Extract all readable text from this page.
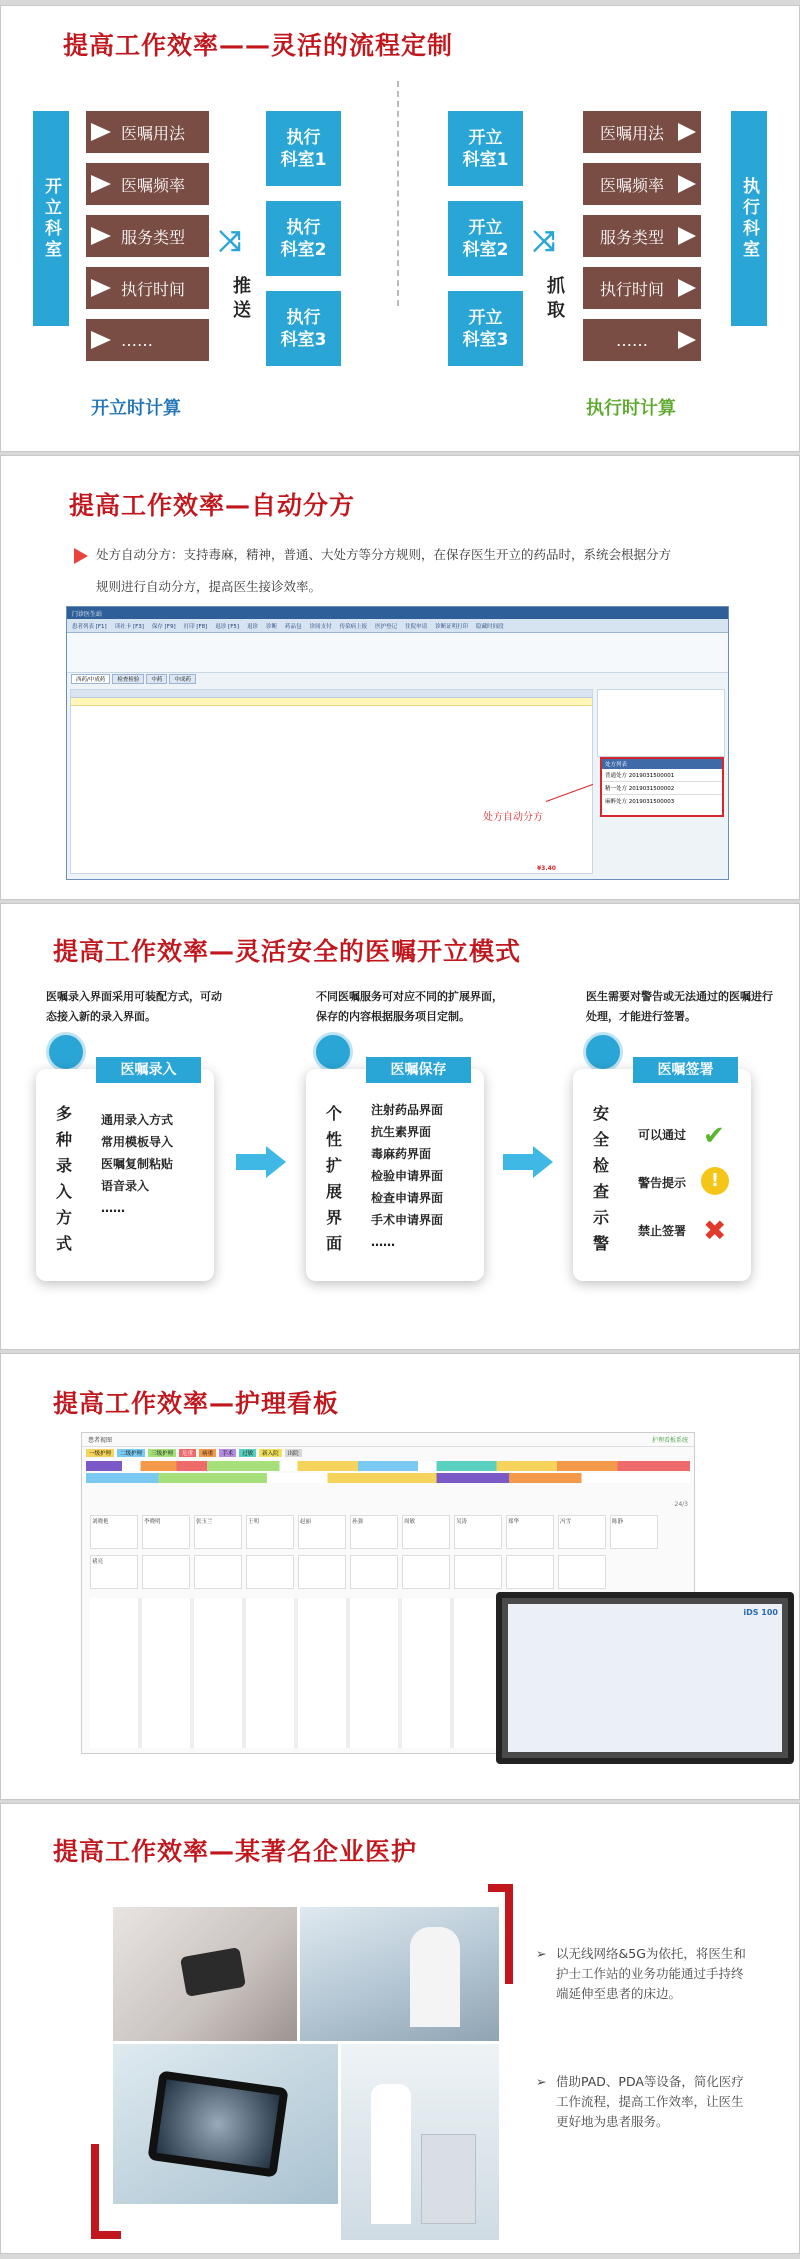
提高工作效率——灵活的流程定制
开立科室
医嘱用法
医嘱频率
服务类型
执行时间
……
⤨
推送
执行科室1
执行科室2
执行科室3
开立时计算
开立科室1
开立科室2
开立科室3
⤨
抓取
医嘱用法
医嘱频率
服务类型
执行时间
……
执行科室
执行时计算
提高工作效率—自动分方
处方自动分方：支持毒麻，精神，普通、大处方等分方规则，在保存医生开立的药品时，系统会根据分方
规则进行自动分方，提高医生接诊效率。
门诊医生站
患者列表 [F1] 读社卡 [F3] 保存 [F9] 打印 [F8] 退诊 [F5] 退诊 诊断 药品包 诊间支付 传染病上报 医护登记 住院申请 诊断证明打印 隐藏时间段
西药/中成药	检查检验	中药	中成药
处方列表
普通处方 2019031500001
精一处方 2019031500002
麻醉处方 2019031500003
¥3.40
处方自动分方
提高工作效率—灵活安全的医嘱开立模式
医嘱录入界面采用可装配方式，可动态接入新的录入界面。
不同医嘱服务可对应不同的扩展界面，保存的内容根据服务项目定制。
医生需要对警告或无法通过的医嘱进行处理，才能进行签署。
医嘱录入
多
种
录
入
方
式
通用录入方式
常用模板导入
医嘱复制粘贴
语音录入
……
医嘱保存
个
性
扩
展
界
面
注射药品界面
抗生素界面
毒麻药界面
检验申请界面
检查申请界面
手术申请界面
……
医嘱签署
安
全
检
查
示
警
可以通过
警告提示
禁止签署
✔
!
✖
提高工作效率—护理看板
患者视图	护理看板系统
一级护理	二级护理	三级护理	危重	病重	手术	过敏	新入院	出院
24/3
刘晓艳	李晓明	张玉兰	王明	赵丽	孙强	周敏	吴涛	郑华	冯雪	陈静
褚亮
iDS 100
提高工作效率—某著名企业医护
➢ 以无线网络&5G为依托，将医生和护士工作站的业务功能通过手持终端延伸至患者的床边。
➢ 借助PAD、PDA等设备，简化医疗工作流程，提高工作效率，让医生更好地为患者服务。
